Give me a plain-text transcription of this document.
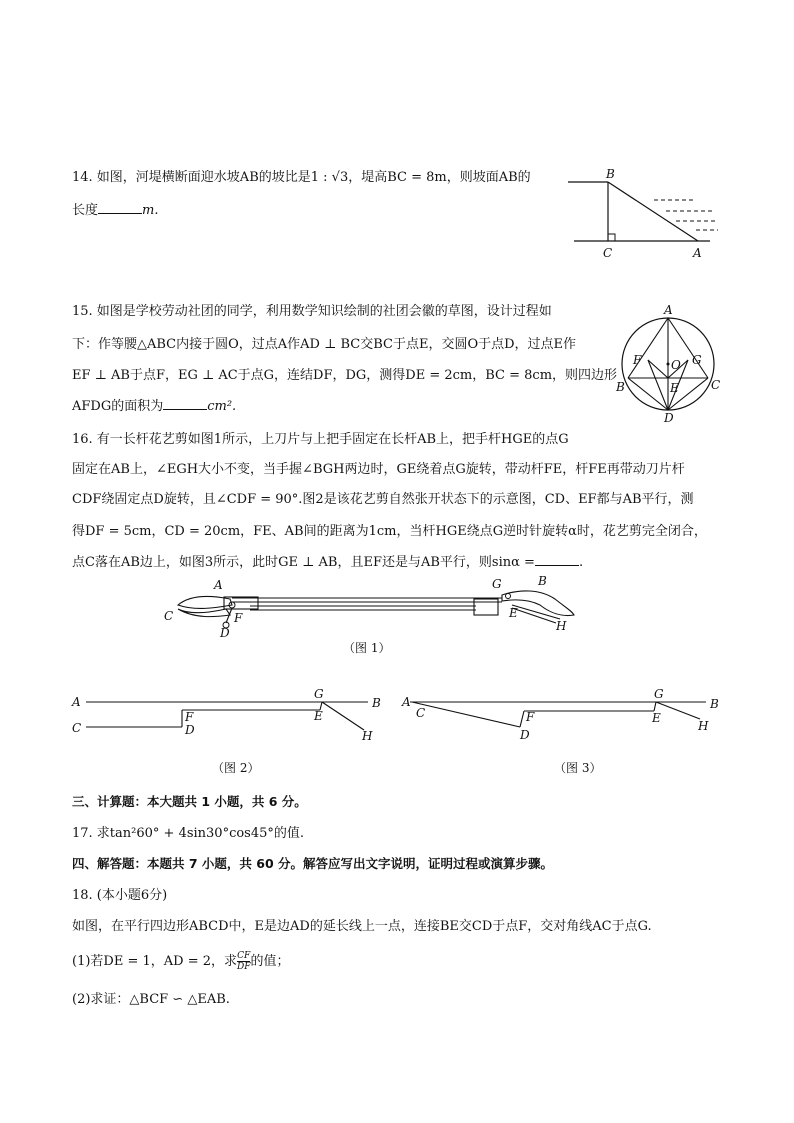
14. 如图，河堤横断面迎水坡AB的坡比是1 : √3，堤高BC = 8m，则坡面AB的
长度	m.
B
C	A
15. 如图是学校劳动社团的同学，利用数学知识绘制的社团会徽的草图，设计过程如
下：作等腰△ABC内接于圆O，过点A作AD ⊥ BC交BC于点E，交圆O于点D，过点E作
EF ⊥ AB于点F，EG ⊥ AC于点G，连结DF，DG，测得DE = 2cm，BC = 8cm，则四边形
AFDG的面积为	cm².
A
B	C
D
E
F	G
O
16. 有一长杆花艺剪如图1所示，上刀片与上把手固定在长杆AB上，把手杆HGE的点G
固定在AB上，∠EGH大小不变，当手握∠BGH两边时，GE绕着点G旋转，带动杆FE，杆FE再带动刀片杆
CDF绕固定点D旋转，且∠CDF = 90°.图2是该花艺剪自然张开状态下的示意图，CD、EF都与AB平行，测
得DF = 5cm，CD = 20cm，FE、AB间的距离为1cm，当杆HGE绕点G逆时针旋转α时，花艺剪完全闭合，
点C落在AB边上，如图3所示，此时GE ⊥ AB，且EF还是与AB平行，则sinα =	.
A
C	F
D
G	B
E
H
（图 1）
A	B
C
F
D
G
E
H
（图 2）
A
C
B
F
D
G
E
H
（图 3）
三、计算题：本大题共 1 小题，共 6 分。
17. 求tan²60° + 4sin30°cos45°的值.
四、解答题：本题共 7 小题，共 60 分。解答应写出文字说明，证明过程或演算步骤。
18. (本小题6分)
如图，在平行四边形ABCD中，E是边AD的延长线上一点，连接BE交CD于点F，交对角线AC于点G.
(1)若DE = 1，AD = 2，求 $\frac{CF}{DF}$ 的值；
(2)求证：△BCF ∽ △EAB.
